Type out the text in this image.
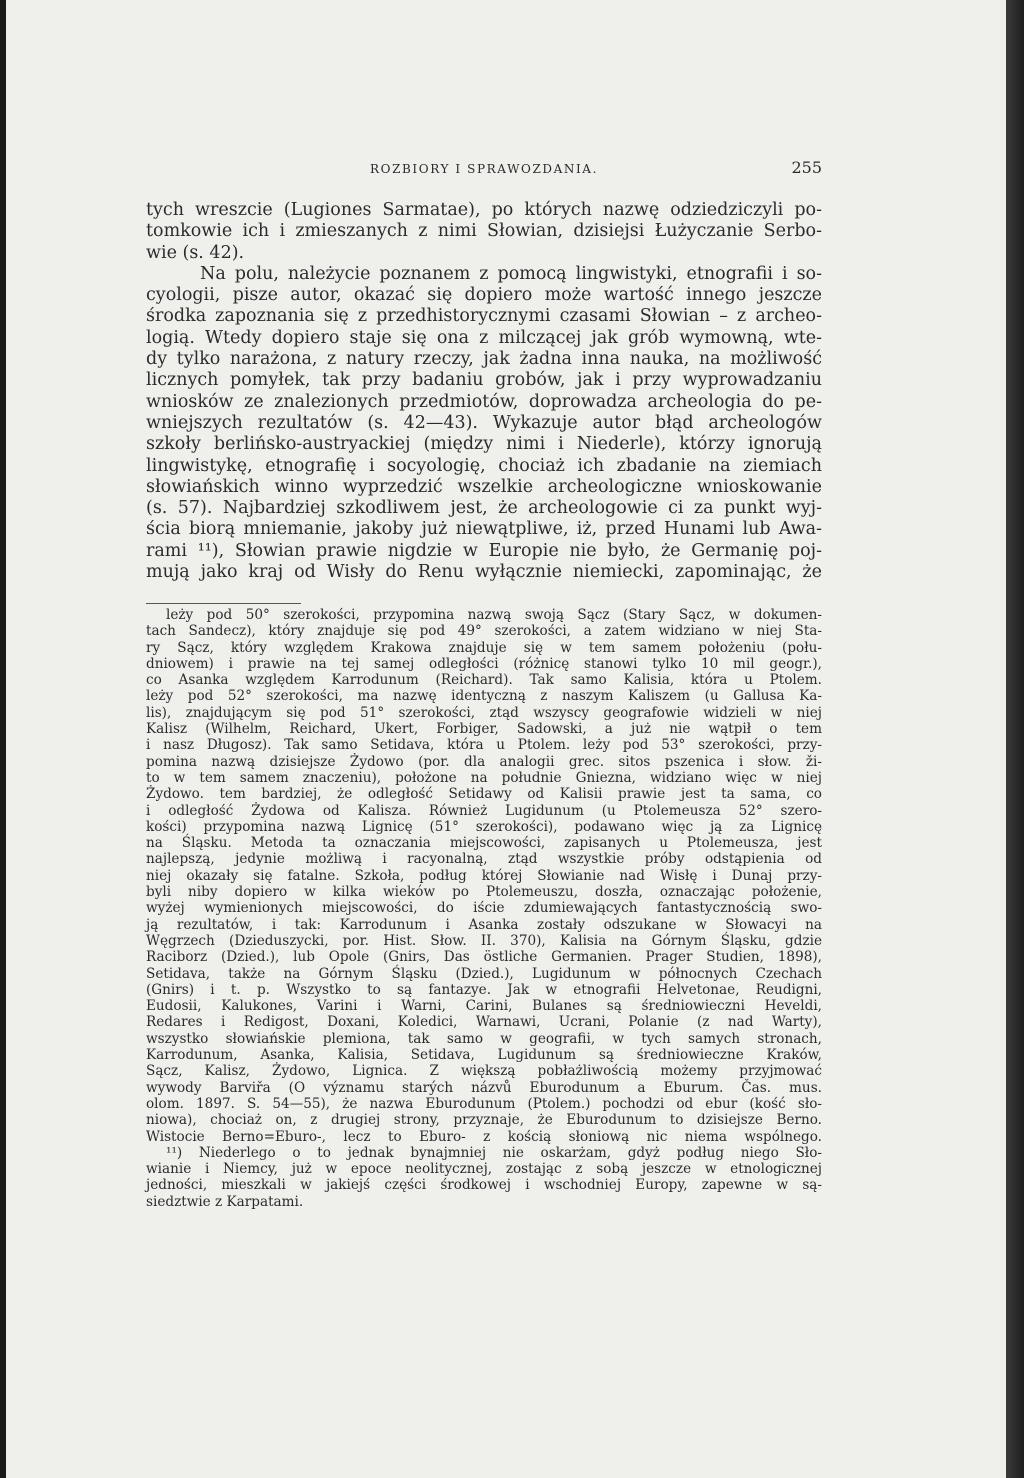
ROZBIORY I SPRAWOZDANIA.	255
tych wreszcie (Lugiones Sarmatae), po których nazwę odziedziczyli po-
tomkowie ich i zmieszanych z nimi Słowian, dzisiejsi Łużyczanie Serbo-
wie (s. 42).
Na polu, należycie poznanem z pomocą lingwistyki, etnografii i so-
cyologii, pisze autor, okazać się dopiero może wartość innego jeszcze
środka zapoznania się z przedhistorycznymi czasami Słowian – z archeo-
logią. Wtedy dopiero staje się ona z milczącej jak grób wymowną, wte-
dy tylko narażona, z natury rzeczy, jak żadna inna nauka, na możliwość
licznych pomyłek, tak przy badaniu grobów, jak i przy wyprowadzaniu
wniosków ze znalezionych przedmiotów, doprowadza archeologia do pe-
wniejszych rezultatów (s. 42—43). Wykazuje autor błąd archeologów
szkoły berlińsko-austryackiej (między nimi i Niederle), którzy ignorują
lingwistykę, etnografię i socyologię, chociaż ich zbadanie na ziemiach
słowiańskich winno wyprzedzić wszelkie archeologiczne wnioskowanie
(s. 57). Najbardziej szkodliwem jest, że archeologowie ci za punkt wyj-
ścia biorą mniemanie, jakoby już niewątpliwe, iż, przed Hunami lub Awa-
rami ¹¹), Słowian prawie nigdzie w Europie nie było, że Germanię poj-
mują jako kraj od Wisły do Renu wyłącznie niemiecki, zapominając, że
leży pod 50° szerokości, przypomina nazwą swoją Sącz (Stary Sącz, w dokumen-
tach Sandecz), który znajduje się pod 49° szerokości, a zatem widziano w niej Sta-
ry Sącz, który względem Krakowa znajduje się w tem samem położeniu (połu-
dniowem) i prawie na tej samej odległości (różnicę stanowi tylko 10 mil geogr.),
co Asanka względem Karrodunum (Reichard). Tak samo Kalisia, która u Ptolem.
leży pod 52° szerokości, ma nazwę identyczną z naszym Kaliszem (u Gallusa Ka-
lis), znajdującym się pod 51° szerokości, ztąd wszyscy geografowie widzieli w niej
Kalisz (Wilhelm, Reichard, Ukert, Forbiger, Sadowski, a już nie wątpił o tem
i nasz Długosz). Tak samo Setidava, która u Ptolem. leży pod 53° szerokości, przy-
pomina nazwą dzisiejsze Żydowo (por. dla analogii grec. sitos pszenica i słow. ži-
to w tem samem znaczeniu), położone na południe Gniezna, widziano więc w niej
Żydowo. tem bardziej, że odległość Setidawy od Kalisii prawie jest ta sama, co
i odległość Żydowa od Kalisza. Również Lugidunum (u Ptolemeusza 52° szero-
kości) przypomina nazwą Lignicę (51° szerokości), podawano więc ją za Lignicę
na Śląsku. Metoda ta oznaczania miejscowości, zapisanych u Ptolemeusza, jest
najlepszą, jedynie możliwą i racyonalną, ztąd wszystkie próby odstąpienia od
niej okazały się fatalne. Szkoła, podług której Słowianie nad Wisłę i Dunaj przy-
byli niby dopiero w kilka wieków po Ptolemeuszu, doszła, oznaczając położenie,
wyżej wymienionych miejscowości, do iście zdumiewających fantastycznością swo-
ją rezultatów, i tak: Karrodunum i Asanka zostały odszukane w Słowacyi na
Węgrzech (Dzieduszycki, por. Hist. Słow. II. 370), Kalisia na Górnym Śląsku, gdzie
Raciborz (Dzied.), lub Opole (Gnirs, Das östliche Germanien. Prager Studien, 1898),
Setidava, także na Górnym Śląsku (Dzied.), Lugidunum w północnych Czechach
(Gnirs) i t. p. Wszystko to są fantazye. Jak w etnografii Helvetonae, Reudigni,
Eudosii, Kalukones, Varini i Warni, Carini, Bulanes są średniowieczni Heveldi,
Redares i Redigost, Doxani, Koledici, Warnawi, Ucrani, Polanie (z nad Warty),
wszystko słowiańskie plemiona, tak samo w geografii, w tych samych stronach,
Karrodunum, Asanka, Kalisia, Setidava, Lugidunum są średniowieczne Kraków,
Sącz, Kalisz, Żydowo, Lignica. Z większą pobłażliwością możemy przyjmować
wywody Barviřa (O významu starých názvů Eburodunum a Eburum. Čas. mus.
olom. 1897. S. 54—55), że nazwa Eburodunum (Ptolem.) pochodzi od ebur (kość sło-
niowa), chociaż on, z drugiej strony, przyznaje, że Eburodunum to dzisiejsze Berno.
Wistocie Berno=Eburo-, lecz to Eburo- z kością słoniową nic niema wspólnego.
¹¹) Niederlego o to jednak bynajmniej nie oskarżam, gdyż podług niego Sło-
wianie i Niemcy, już w epoce neolitycznej, zostając z sobą jeszcze w etnologicznej
jedności, mieszkali w jakiejś części środkowej i wschodniej Europy, zapewne w są-
siedztwie z Karpatami.
